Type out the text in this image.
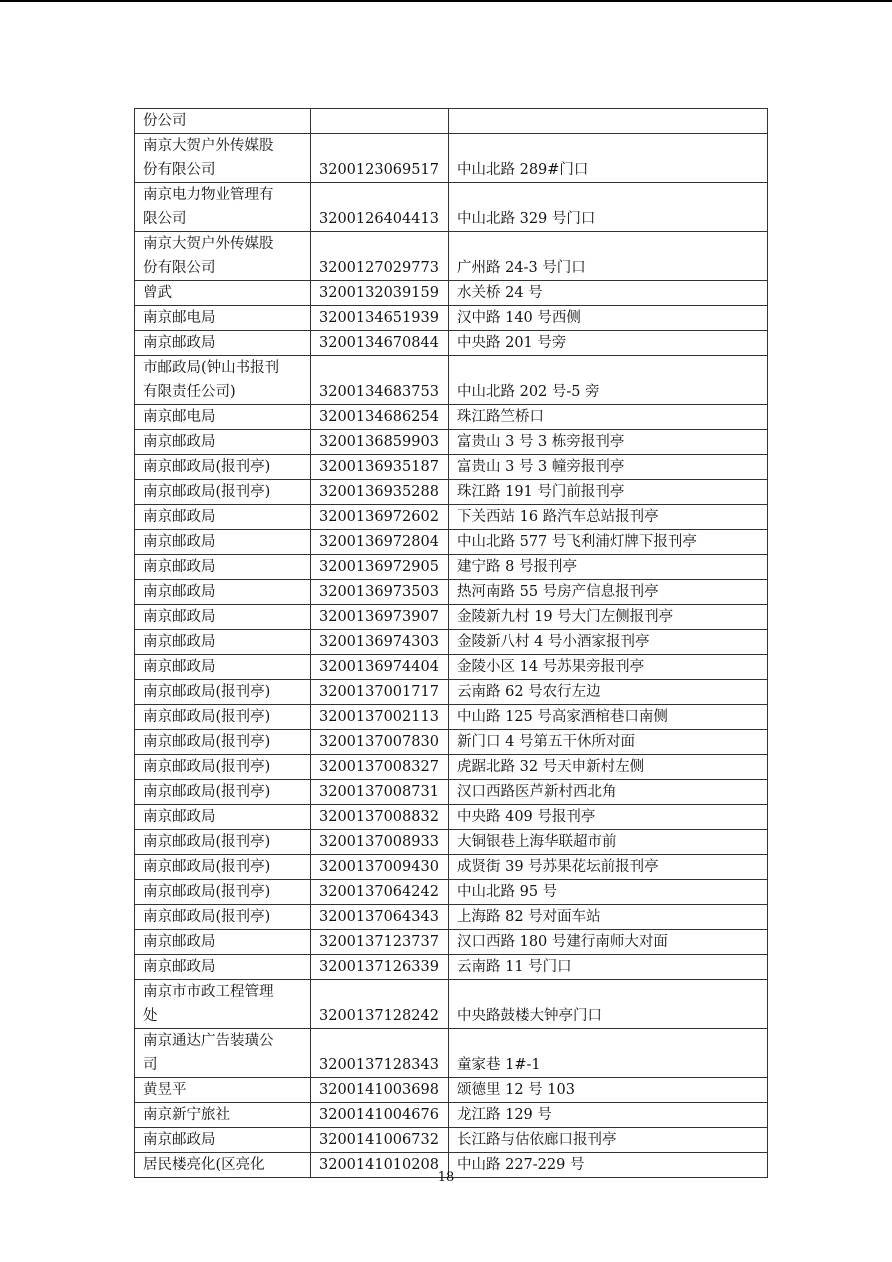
份公司		
南京大贺户外传媒股
份有限公司	3200123069517	中山北路 289#门口
南京电力物业管理有
限公司	3200126404413	中山北路 329 号门口
南京大贺户外传媒股
份有限公司	3200127029773	广州路 24-3 号门口
曾武	3200132039159	水关桥 24 号
南京邮电局	3200134651939	汉中路 140 号西侧
南京邮政局	3200134670844	中央路 201 号旁
市邮政局(钟山书报刊
有限责任公司)	3200134683753	中山北路 202 号-5 旁
南京邮电局	3200134686254	珠江路竺桥口
南京邮政局	3200136859903	富贵山 3 号 3 栋旁报刊亭
南京邮政局(报刊亭)	3200136935187	富贵山 3 号 3 幢旁报刊亭
南京邮政局(报刊亭)	3200136935288	珠江路 191 号门前报刊亭
南京邮政局	3200136972602	下关西站 16 路汽车总站报刊亭
南京邮政局	3200136972804	中山北路 577 号飞利浦灯牌下报刊亭
南京邮政局	3200136972905	建宁路 8 号报刊亭
南京邮政局	3200136973503	热河南路 55 号房产信息报刊亭
南京邮政局	3200136973907	金陵新九村 19 号大门左侧报刊亭
南京邮政局	3200136974303	金陵新八村 4 号小酒家报刊亭
南京邮政局	3200136974404	金陵小区 14 号苏果旁报刊亭
南京邮政局(报刊亭)	3200137001717	云南路 62 号农行左边
南京邮政局(报刊亭)	3200137002113	中山路 125 号高家酒棺巷口南侧
南京邮政局(报刊亭)	3200137007830	新门口 4 号第五干休所对面
南京邮政局(报刊亭)	3200137008327	虎踞北路 32 号天申新村左侧
南京邮政局(报刊亭)	3200137008731	汉口西路医芦新村西北角
南京邮政局	3200137008832	中央路 409 号报刊亭
南京邮政局(报刊亭)	3200137008933	大铜银巷上海华联超市前
南京邮政局(报刊亭)	3200137009430	成贤街 39 号苏果花坛前报刊亭
南京邮政局(报刊亭)	3200137064242	中山北路 95 号
南京邮政局(报刊亭)	3200137064343	上海路 82 号对面车站
南京邮政局	3200137123737	汉口西路 180 号建行南师大对面
南京邮政局	3200137126339	云南路 11 号门口
南京市市政工程管理
处	3200137128242	中央路鼓楼大钟亭门口
南京通达广告装璜公
司	3200137128343	童家巷 1#-1
黄昱平	3200141003698	颂德里 12 号 103
南京新宁旅社	3200141004676	龙江路 129 号
南京邮政局	3200141006732	长江路与估依廊口报刊亭
居民楼亮化(区亮化	3200141010208	中山路 227-229 号
18
